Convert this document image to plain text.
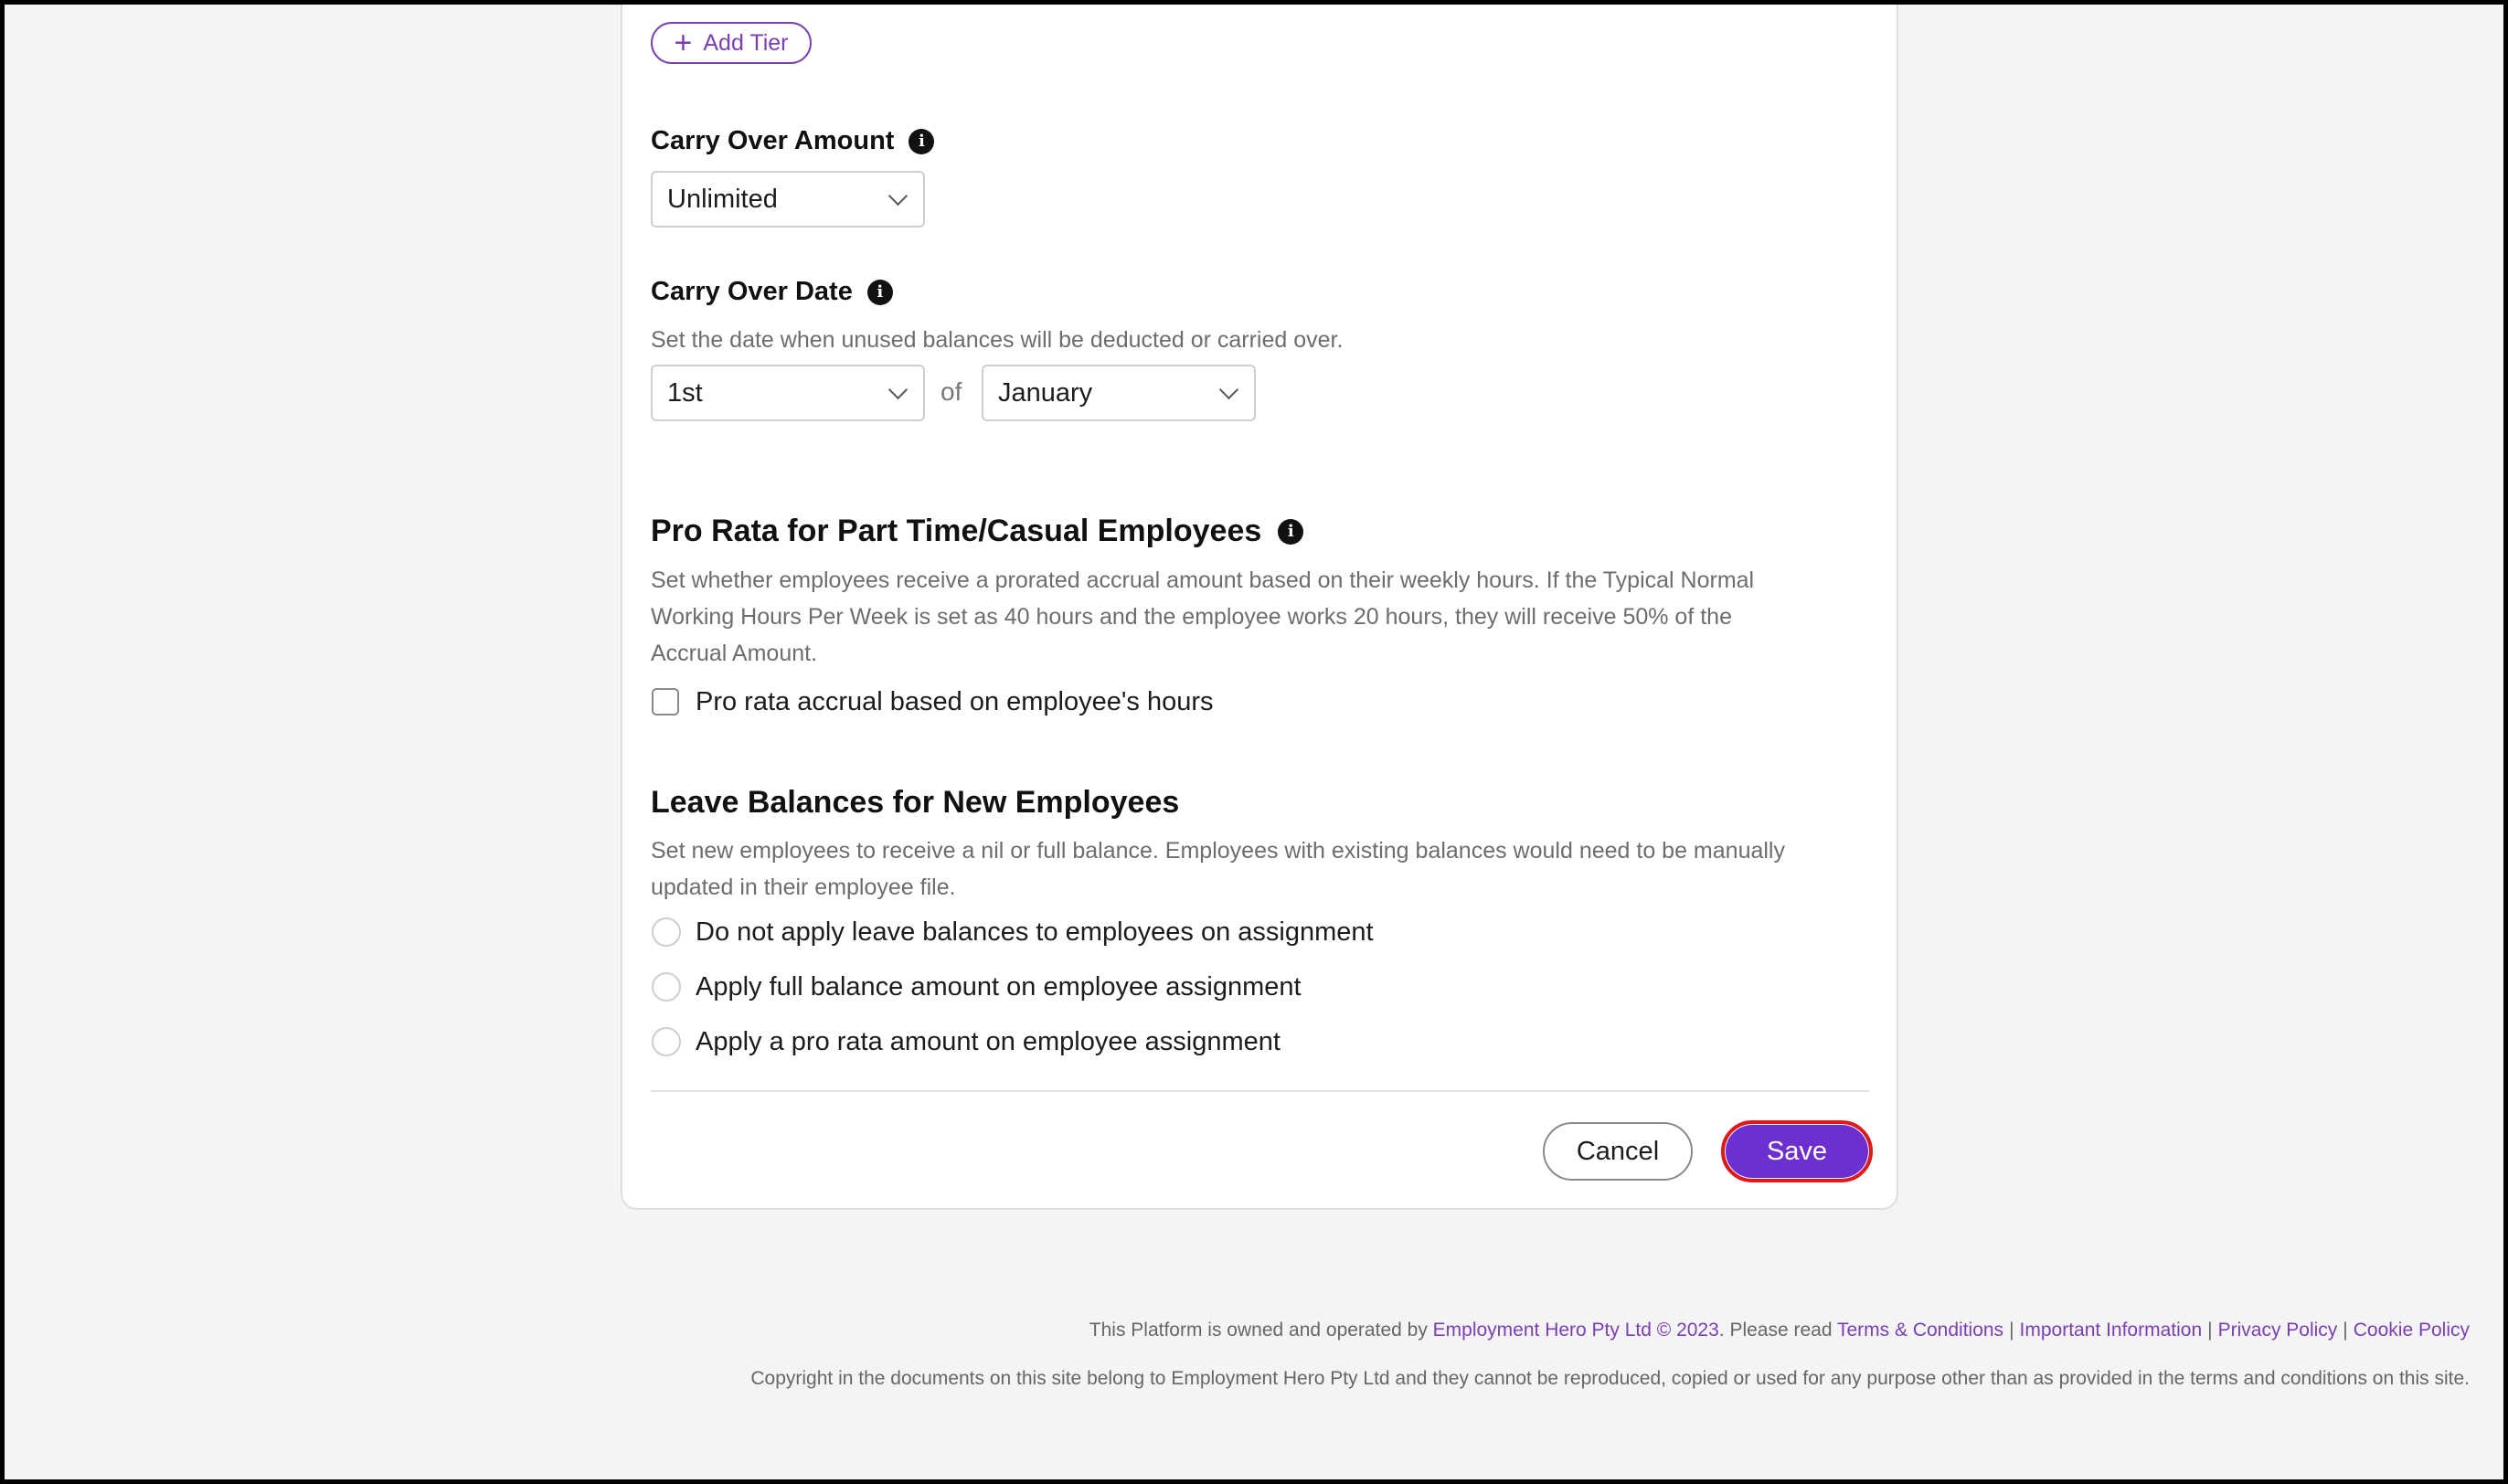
+ Add Tier
Carry Over Amount	i
Unlimited
Carry Over Date	i
Set the date when unused balances will be deducted or carried over.
1st	of January
Pro Rata for Part Time/Casual Employees	i
Set whether employees receive a prorated accrual amount based on their weekly hours. If the Typical Normal
Working Hours Per Week is set as 40 hours and the employee works 20 hours, they will receive 50% of the
Accrual Amount.
Pro rata accrual based on employee's hours
Leave Balances for New Employees
Set new employees to receive a nil or full balance. Employees with existing balances would need to be manually
updated in their employee file.
Do not apply leave balances to employees on assignment
Apply full balance amount on employee assignment
Apply a pro rata amount on employee assignment
Cancel	Save
This Platform is owned and operated by Employment Hero Pty Ltd © 2023. Please read Terms & Conditions | Important Information | Privacy Policy | Cookie Policy
Copyright in the documents on this site belong to Employment Hero Pty Ltd and they cannot be reproduced, copied or used for any purpose other than as provided in the terms and conditions on this site.
